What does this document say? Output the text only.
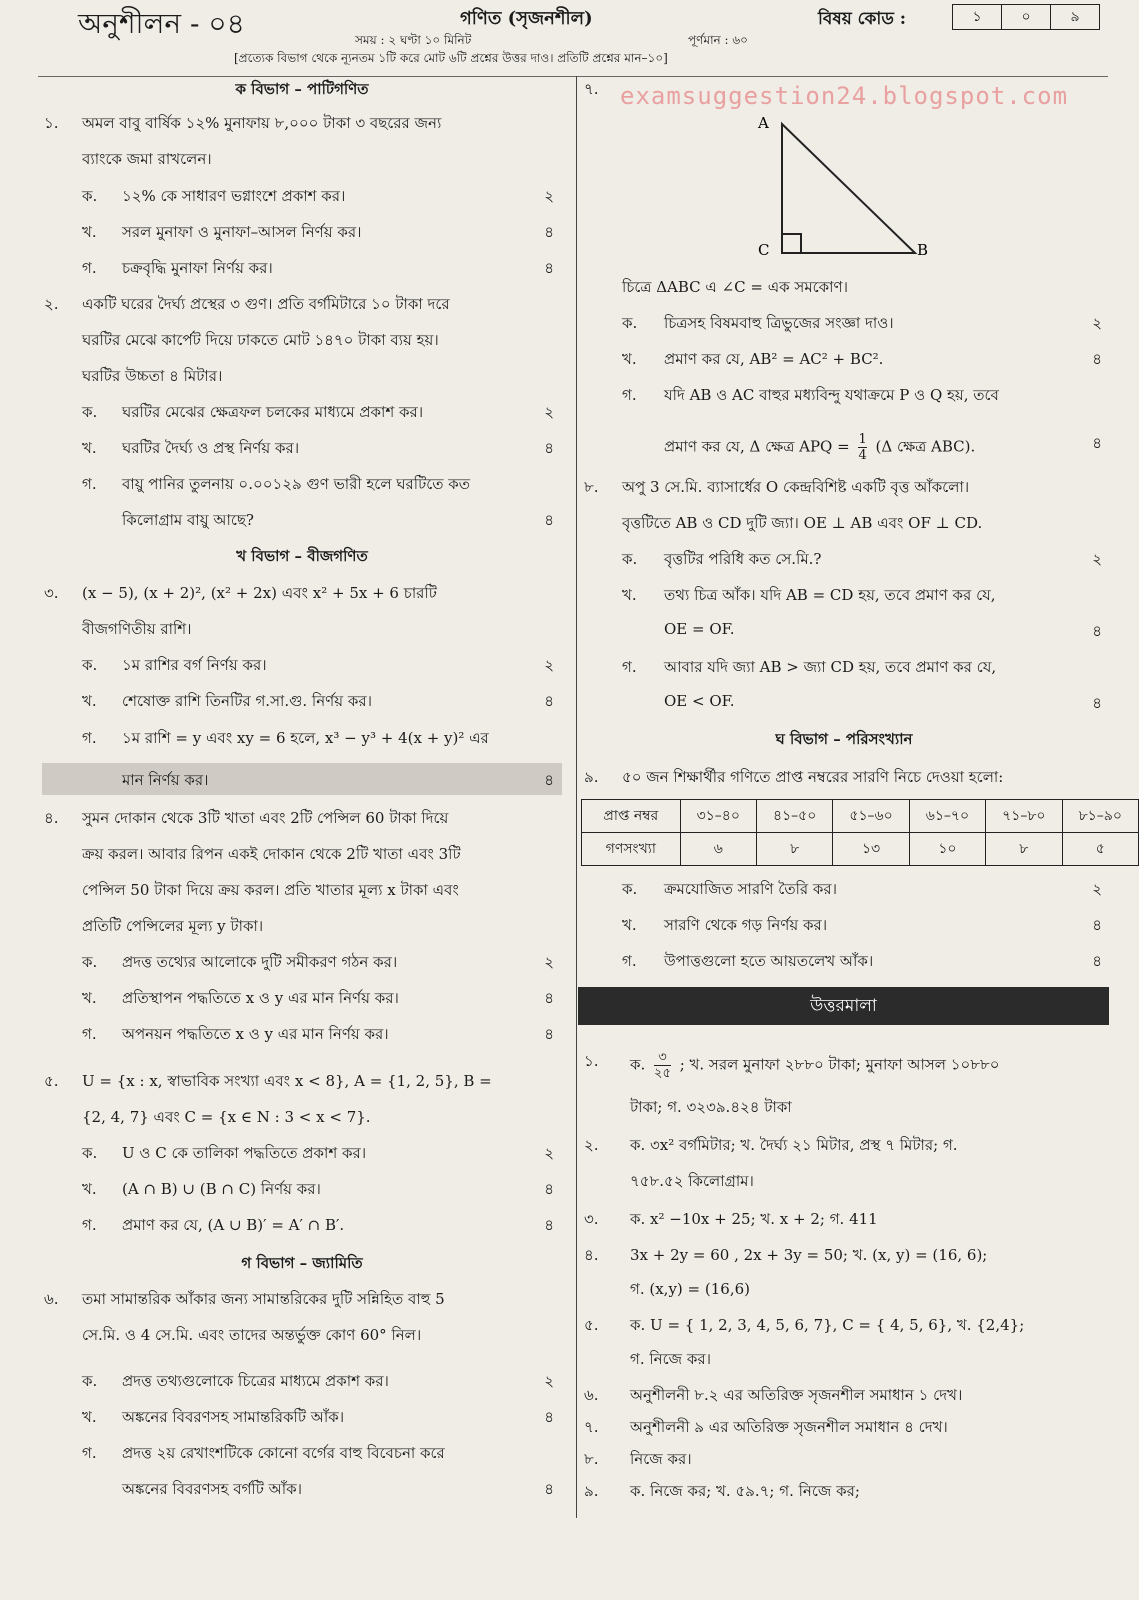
অনুশীলন - ০৪	গণিত (সৃজনশীল)	বিষয় কোড :	১	০	৯
সময় : ২ ঘণ্টা ১০ মিনিট	পূর্ণমান : ৬০
[প্রত্যেক বিভাগ থেকে ন্যূনতম ১টি করে মোট ৬টি প্রশ্নের উত্তর দাও। প্রতিটি প্রশ্নের মান–১০]
ক বিভাগ – পাটিগণিত
১. অমল বাবু বার্ষিক ১২% মুনাফায় ৮,০০০ টাকা ৩ বছরের জন্য
ব্যাংকে জমা রাখলেন।
ক. ১২% কে সাধারণ ভগ্নাংশে প্রকাশ কর।	২
খ. সরল মুনাফা ও মুনাফা–আসল নির্ণয় কর।	৪
গ. চক্রবৃদ্ধি মুনাফা নির্ণয় কর।	৪
২. একটি ঘরের দৈর্ঘ্য প্রস্থের ৩ গুণ। প্রতি বর্গমিটারে ১০ টাকা দরে
ঘরটির মেঝে কার্পেট দিয়ে ঢাকতে মোট ১৪৭০ টাকা ব্যয় হয়।
ঘরটির উচ্চতা ৪ মিটার।
ক. ঘরটির মেঝের ক্ষেত্রফল চলকের মাধ্যমে প্রকাশ কর।	২
খ. ঘরটির দৈর্ঘ্য ও প্রস্থ নির্ণয় কর।	৪
গ. বায়ু পানির তুলনায় ০.০০১২৯ গুণ ভারী হলে ঘরটিতে কত
কিলোগ্রাম বায়ু আছে?	৪
খ বিভাগ – বীজগণিত
৩. (x − 5), (x + 2)², (x² + 2x) এবং x² + 5x + 6 চারটি
বীজগণিতীয় রাশি।
ক. ১ম রাশির বর্গ নির্ণয় কর।	২
খ. শেষোক্ত রাশি তিনটির গ.সা.গু. নির্ণয় কর।	৪
গ. ১ম রাশি = y এবং xy = 6 হলে, x³ − y³ + 4(x + y)² এর
মান নির্ণয় কর।	৪
৪. সুমন দোকান থেকে 3টি খাতা এবং 2টি পেন্সিল 60 টাকা দিয়ে
ক্রয় করল। আবার রিপন একই দোকান থেকে 2টি খাতা এবং 3টি
পেন্সিল 50 টাকা দিয়ে ক্রয় করল। প্রতি খাতার মূল্য x টাকা এবং
প্রতিটি পেন্সিলের মূল্য y টাকা।
ক. প্রদত্ত তথ্যের আলোকে দুটি সমীকরণ গঠন কর।	২
খ. প্রতিস্থাপন পদ্ধতিতে x ও y এর মান নির্ণয় কর।	৪
গ. অপনয়ন পদ্ধতিতে x ও y এর মান নির্ণয় কর।	৪
৫. U = {x : x, স্বাভাবিক সংখ্যা এবং x < 8}, A = {1, 2, 5}, B =
{2, 4, 7} এবং C = {x ∈ N : 3 < x < 7}.
ক. U ও C কে তালিকা পদ্ধতিতে প্রকাশ কর।	২
খ. (A ∩ B) ∪ (B ∩ C) নির্ণয় কর।	৪
গ. প্রমাণ কর যে, (A ∪ B)′ = A′ ∩ B′.	৪
গ বিভাগ – জ্যামিতি
৬. তমা সামান্তরিক আঁকার জন্য সামান্তরিকের দুটি সন্নিহিত বাহু 5
সে.মি. ও 4 সে.মি. এবং তাদের অন্তর্ভুক্ত কোণ 60° নিল।
ক. প্রদত্ত তথ্যগুলোকে চিত্রের মাধ্যমে প্রকাশ কর।	২
খ. অঙ্কনের বিবরণসহ সামান্তরিকটি আঁক।	৪
গ. প্রদত্ত ২য় রেখাংশটিকে কোনো বর্গের বাহু বিবেচনা করে
অঙ্কনের বিবরণসহ বর্গটি আঁক।	৪
৭. examsuggestion24.blogspot.com
A
C	B
চিত্রে ΔABC এ ∠C = এক সমকোণ।
ক. চিত্রসহ বিষমবাহু ত্রিভুজের সংজ্ঞা দাও।	২
খ. প্রমাণ কর যে, AB² = AC² + BC².	৪
গ. যদি AB ও AC বাহুর মধ্যবিন্দু যথাক্রমে P ও Q হয়, তবে
প্রমাণ কর যে, Δ ক্ষেত্র APQ = $\frac{1}{4} (\Delta$ ক্ষেত্র ABC).	৪
৮. অপু 3 সে.মি. ব্যাসার্ধের O কেন্দ্রবিশিষ্ট একটি বৃত্ত আঁকলো।
বৃত্তটিতে AB ও CD দুটি জ্যা। OE ⊥ AB এবং OF ⊥ CD.
ক. বৃত্তটির পরিধি কত সে.মি.?	২
খ. তথ্য চিত্র আঁক। যদি AB = CD হয়, তবে প্রমাণ কর যে,
OE = OF.	৪
গ. আবার যদি জ্যা AB > জ্যা CD হয়, তবে প্রমাণ কর যে,
OE < OF.	৪
ঘ বিভাগ – পরিসংখ্যান
৯. ৫০ জন শিক্ষার্থীর গণিতে প্রাপ্ত নম্বরের সারণি নিচে দেওয়া হলো:
প্রাপ্ত নম্বর	৩১–৪০	৪১–৫০	৫১–৬০	৬১–৭০	৭১–৮০	৮১–৯০
গণসংখ্যা	৬	৮	১৩	১০	৮	৫
ক. ক্রমযোজিত সারণি তৈরি কর।	২
খ. সারণি থেকে গড় নির্ণয় কর।	৪
গ. উপাত্তগুলো হতে আয়তলেখ আঁক।	৪
উত্তরমালা
১. ক.	৩
২৫ ; খ. সরল মুনাফা ২৮৮০ টাকা; মুনাফা আসল ১০৮৮০
টাকা; গ. ৩২৩৯.৪২৪ টাকা
২. ক. ৩x² বর্গমিটার; খ. দৈর্ঘ্য ২১ মিটার, প্রস্থ ৭ মিটার; গ.
৭৫৮.৫২ কিলোগ্রাম।
৩. ক. x² −10x + 25; খ. x + 2; গ. 411
৪. 3x + 2y = 60 , 2x + 3y = 50; খ. (x, y) = (16, 6);
গ. (x,y) = (16,6)
৫. ক. U = { 1, 2, 3, 4, 5, 6, 7}, C = { 4, 5, 6}, খ. {2,4};
গ. নিজে কর।
৬. অনুশীলনী ৮.২ এর অতিরিক্ত সৃজনশীল সমাধান ১ দেখ।
৭. অনুশীলনী ৯ এর অতিরিক্ত সৃজনশীল সমাধান ৪ দেখ।
৮. নিজে কর।
৯. ক. নিজে কর; খ. ৫৯.৭; গ. নিজে কর;
